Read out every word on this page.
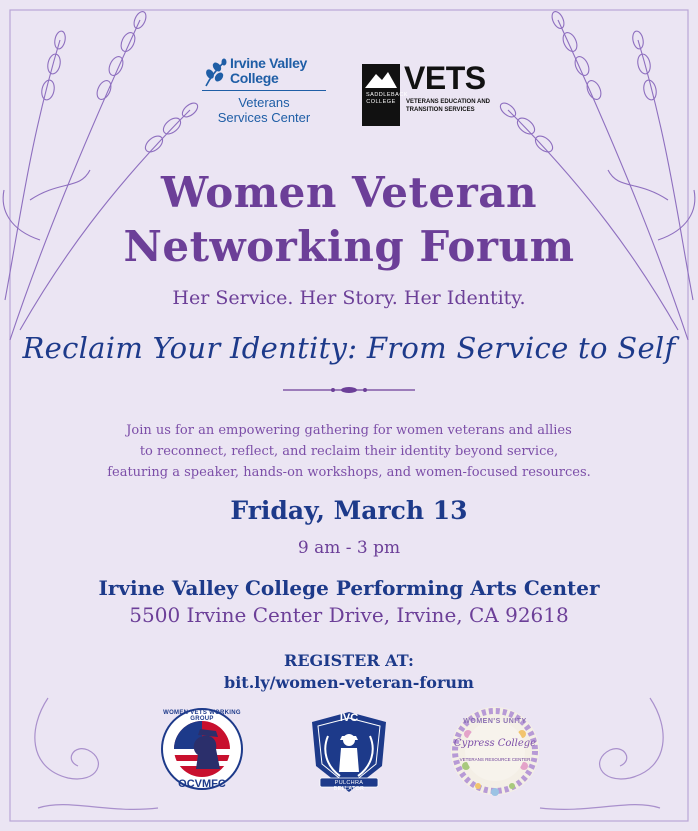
Irvine Valley College
Veterans Services Center
SADDLEBACK COLLEGE
VETS
VETERANS EDUCATION AND TRANSITION SERVICES
Women Veteran
Networking Forum
Her Service. Her Story. Her Identity.
Reclaim Your Identity: From Service to Self
Join us for an empowering gathering for women veterans and allies
to reconnect, reflect, and reclaim their identity beyond service,
featuring a speaker, hands-on workshops, and women-focused resources.
Friday, March 13
9 am - 3 pm
Irvine Valley College Performing Arts Center
5500 Irvine Center Drive, Irvine, CA 92618
REGISTER AT:
bit.ly/women-veteran-forum
WOMEN VETS WORKING GROUP
OCVMFC
IVC
PULCHRA BELLATOR
WOMEN'S UNITY
Cypress College
VETERANS RESOURCE CENTER
